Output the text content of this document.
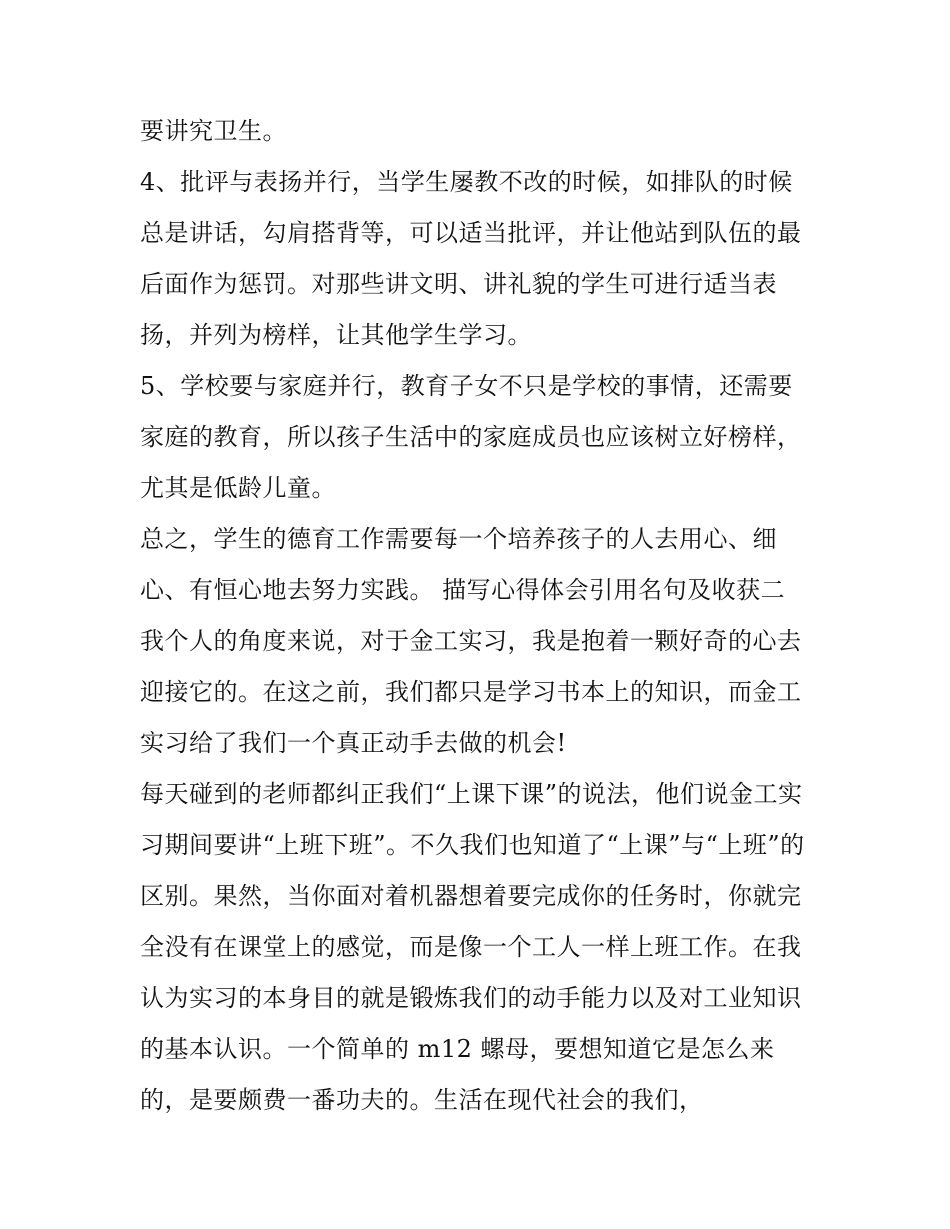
要讲究卫生。
4、批评与表扬并行，当学生屡教不改的时候，如排队的时候
总是讲话，勾肩搭背等，可以适当批评，并让他站到队伍的最
后面作为惩罚。对那些讲文明、讲礼貌的学生可进行适当表
扬，并列为榜样，让其他学生学习。
5、学校要与家庭并行，教育子女不只是学校的事情，还需要
家庭的教育，所以孩子生活中的家庭成员也应该树立好榜样，
尤其是低龄儿童。
总之，学生的德育工作需要每一个培养孩子的人去用心、细
心、有恒心地去努力实践。 描写心得体会引用名句及收获二
我个人的角度来说，对于金工实习，我是抱着一颗好奇的心去
迎接它的。在这之前，我们都只是学习书本上的知识，而金工
实习给了我们一个真正动手去做的机会!
每天碰到的老师都纠正我们“上课下课”的说法，他们说金工实
习期间要讲“上班下班”。不久我们也知道了“上课”与“上班”的
区别。果然，当你面对着机器想着要完成你的任务时，你就完
全没有在课堂上的感觉，而是像一个工人一样上班工作。在我
认为实习的本身目的就是锻炼我们的动手能力以及对工业知识
的基本认识。一个简单的 m12 螺母，要想知道它是怎么来
的，是要颇费一番功夫的。生活在现代社会的我们，
